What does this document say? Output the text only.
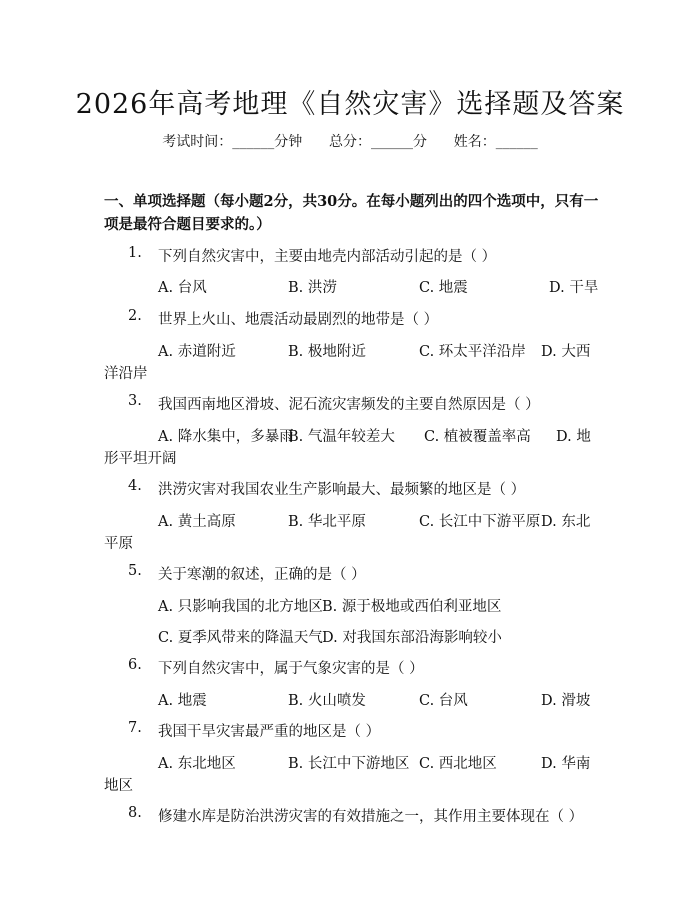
2026年高考地理《自然灾害》选择题及答案
考试时间：______分钟      总分：______分      姓名：______
一、单项选择题（每小题2分，共30分。在每小题列出的四个选项中，只有一项是最符合题目要求的。）
1. 下列自然灾害中，主要由地壳内部活动引起的是（ ）
A. 台风	B. 洪涝	C. 地震	D. 干旱
2. 世界上火山、地震活动最剧烈的地带是（ ）
A. 赤道附近	B. 极地附近	C. 环太平洋沿岸 D. 大西
洋沿岸
3. 我国西南地区滑坡、泥石流灾害频发的主要自然原因是（ ）
A. 降水集中，多暴雨
B. 气温年较差大 C. 植被覆盖率高 D. 地
形平坦开阔
4. 洪涝灾害对我国农业生产影响最大、最频繁的地区是（ ）
A. 黄土高原	B. 华北平原	C. 长江中下游平原 D. 东北
平原
5. 关于寒潮的叙述，正确的是（ ）
A. 只影响我国的北方地区 B. 源于极地或西伯利亚地区
C. 夏季风带来的降温天气 D. 对我国东部沿海影响较小
6. 下列自然灾害中，属于气象灾害的是（ ）
A. 地震	B. 火山喷发	C. 台风	D. 滑坡
7. 我国干旱灾害最严重的地区是（ ）
A. 东北地区	B. 长江中下游地区 C. 西北地区	D. 华南
地区
8. 修建水库是防治洪涝灾害的有效措施之一，其作用主要体现在（ ）
